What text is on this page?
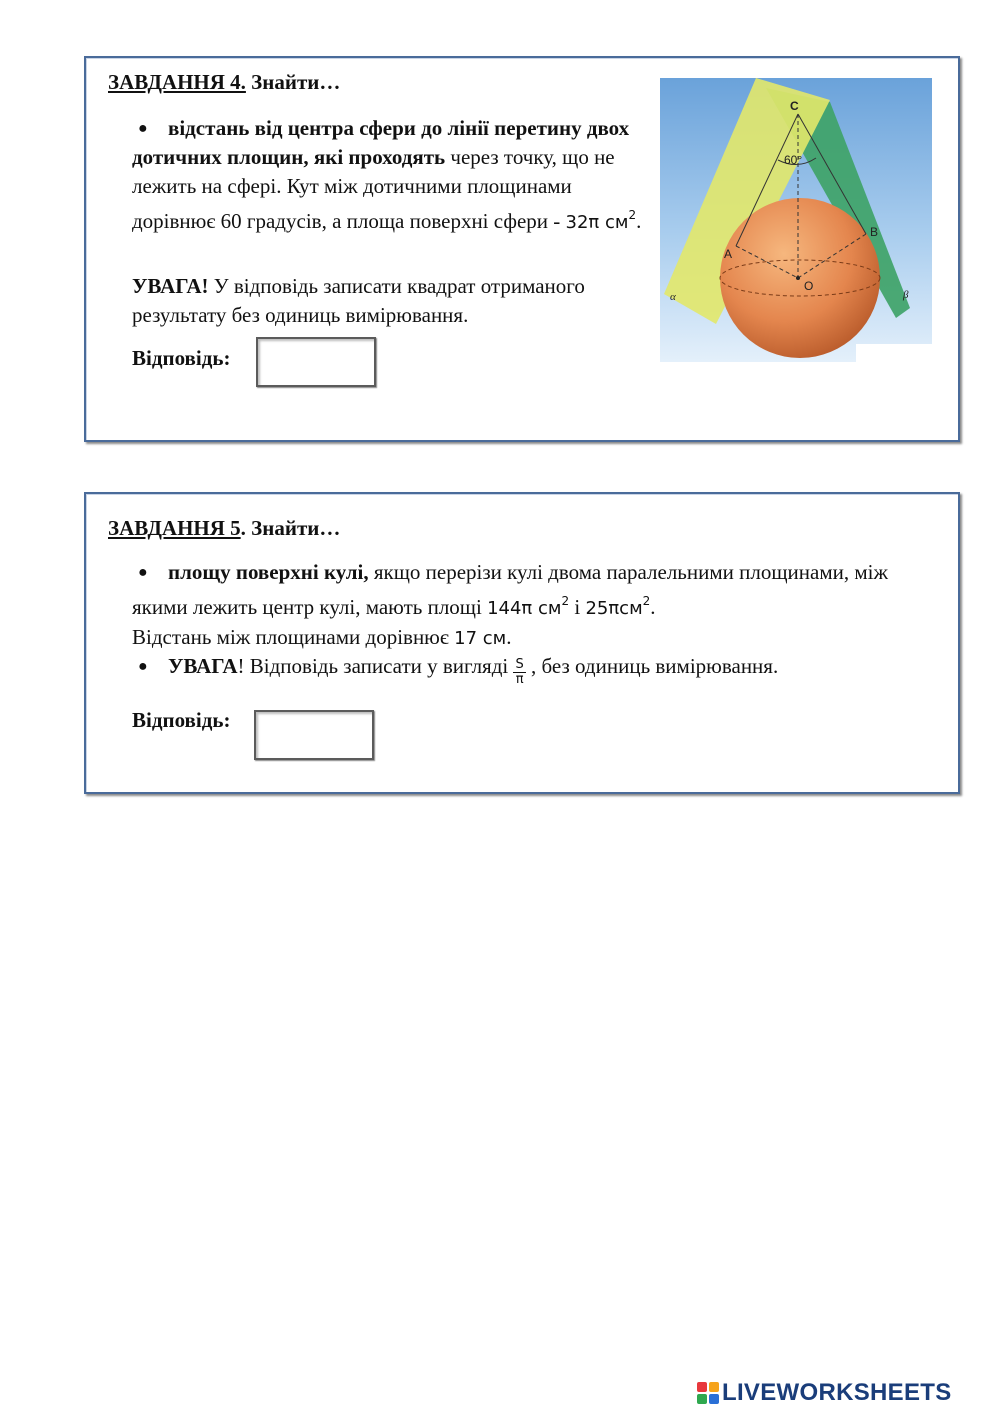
ЗАВДАННЯ 4. Знайти…
● відстань від центра сфери до лінії перетину двох дотичних площин, які проходять через точку, що не лежить на сфері. Кут між дотичними площинами дорівнює 60 градусів, а площа поверхні сфери - 32π $см^2$.
УВАГА! У відповідь записати квадрат отриманого результату без одиниць вимірювання.
Відповідь:
C
60°
A
B
O
α	β
ЗАВДАННЯ 5. Знайти…
● площу поверхні кулі, якщо перерізи кулі двома паралельними площинами, між якими лежить центр кулі, мають площі 144π $см^2$ і 25πсм$^2$.
Відстань між площинами дорівнює 17 см.
● УВАГА! Відповідь записати у вигляді $\frac{S}{\pi}$ , без одиниць вимірювання.
Відповідь:
LIVEWORKSHEETS
